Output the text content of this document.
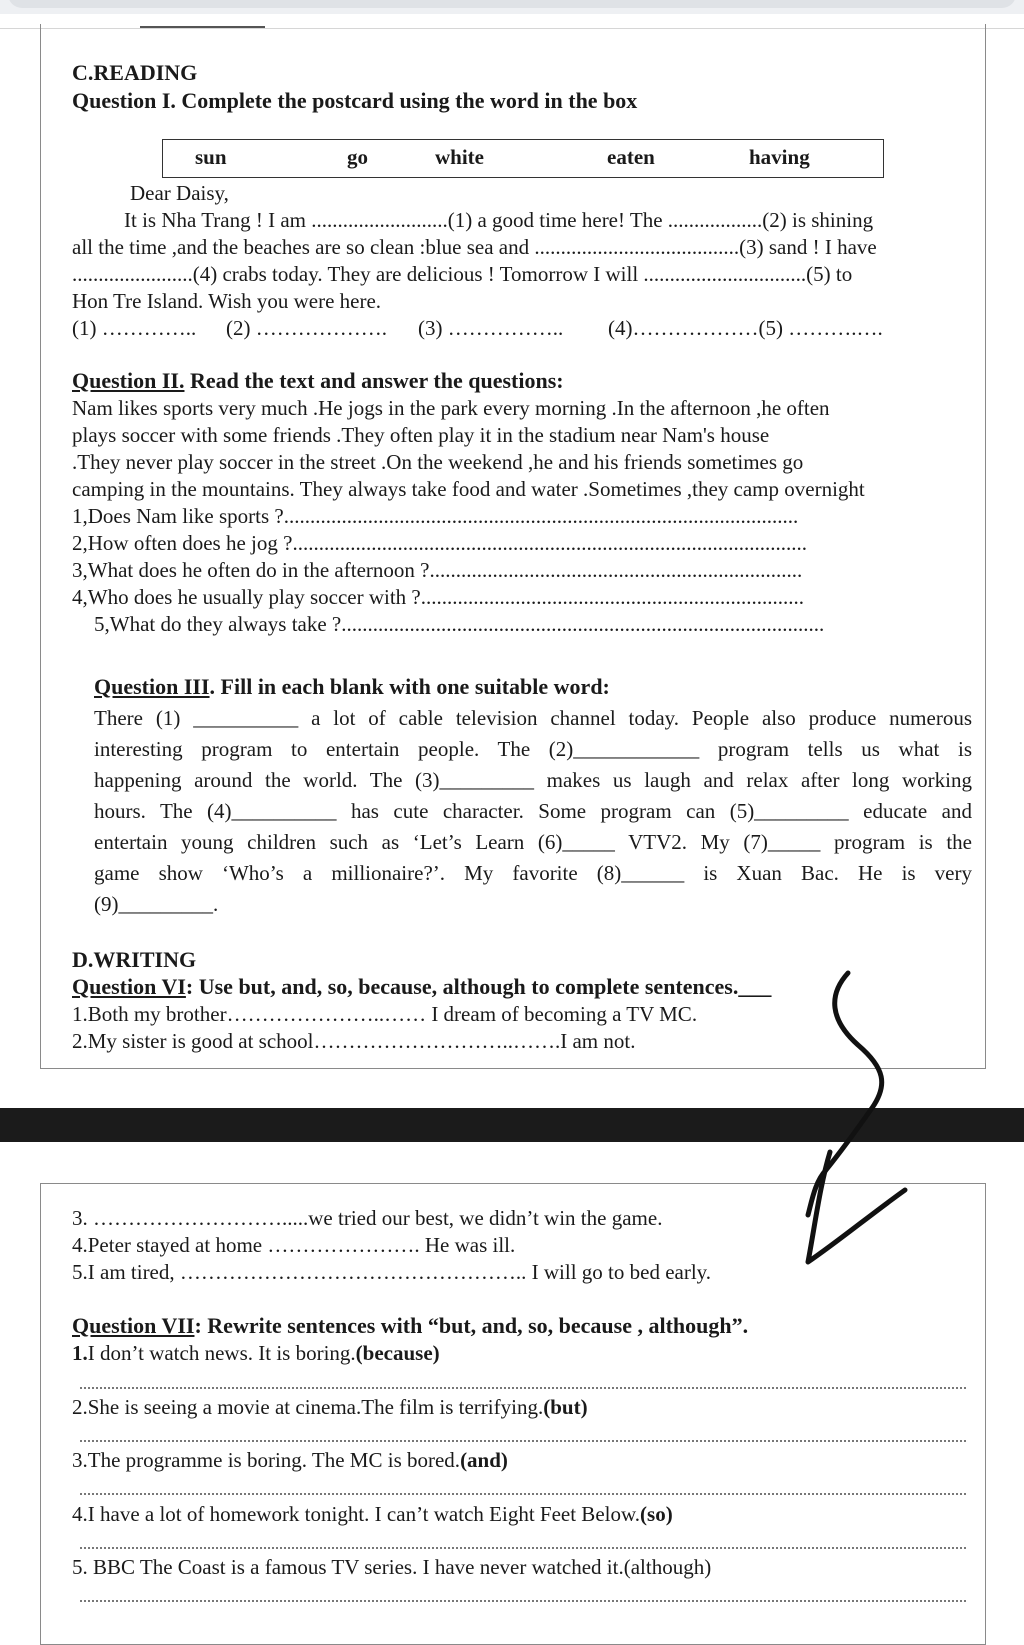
C.READING
Question I. Complete the postcard using the word in the box
sun	go	white	eaten	having
Dear Daisy,
It is Nha Trang ! I am ..........................(1) a good time here! The ..................(2) is shining
all the time ,and the beaches are so clean :blue sea and .......................................(3) sand ! I have
.......................(4) crabs today. They are delicious ! Tomorrow I will ...............................(5) to
Hon Tre Island. Wish you were here.
(1) ………….. (2) ………………. (3) …………….. (4)………………(5) ……….….
Question II. Read the text and answer the questions:
Nam likes sports very much .He jogs in the park every morning .In the afternoon ,he often
plays soccer with some friends .They often play it in the stadium near Nam's house
.They never play soccer in the street .On the weekend ,he and his friends sometimes go
camping in the mountains. They always take food and water .Sometimes ,they camp overnight
1,Does Nam like sports ?..................................................................................................
2,How often does he jog ?..................................................................................................
3,What does he often do in the afternoon ?.......................................................................
4,Who does he usually play soccer with ?.........................................................................
5,What do they always take ?............................................................................................
Question III. Fill in each blank with one suitable word:
There (1) __________ a lot of cable television channel today. People also produce numerous
interesting program to entertain people. The (2)____________ program tells us what is
happening around the world. The (3)_________ makes us laugh and relax after long working
hours. The (4)__________ has cute character. Some program can (5)_________ educate and
entertain young children such as ‘Let’s Learn (6)_____ VTV2. My (7)_____ program is the
game show ‘Who’s a millionaire?’. My favorite (8)______ is Xuan Bac. He is very
(9)_________.
D.WRITING
Question VI: Use but, and, so, because, although to complete sentences.___
1.Both my brother…………………..…… I dream of becoming a TV MC.
2.My sister is good at school………………………..…….I am not.
3. ……………………….....we tried our best, we didn’t win the game.
4.Peter stayed at home …………………. He was ill.
5.I am tired, ………………………………………….. I will go to bed early.
Question VII: Rewrite sentences with “but, and, so, because , although”.
1.I don’t watch news. It is boring.(because)
2.She is seeing a movie at cinema.The film is terrifying.(but)
3.The programme is boring. The MC is bored.(and)
4.I have a lot of homework tonight. I can’t watch Eight Feet Below.(so)
5. BBC The Coast is a famous TV series. I have never watched it.(although)
